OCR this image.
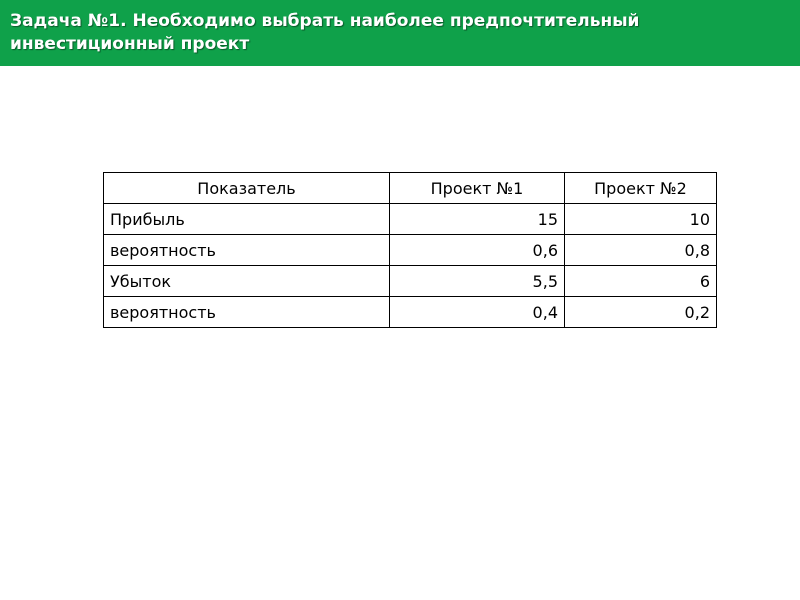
Задача №1. Необходимо выбрать наиболее предпочтительный инвестиционный проект

Показатель	Проект №1	Проект №2
Прибыль	15	10
вероятность	0,6	0,8
Убыток	5,5	6
вероятность	0,4	0,2
